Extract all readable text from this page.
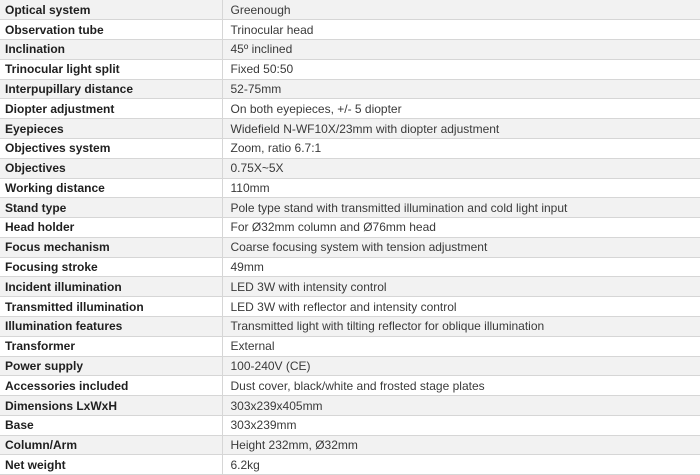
Optical system	Greenough
Observation tube	Trinocular head
Inclination	45º inclined
Trinocular light split	Fixed 50:50
Interpupillary distance	52-75mm
Diopter adjustment	On both eyepieces, +/- 5 diopter
Eyepieces	Widefield N-WF10X/23mm with diopter adjustment
Objectives system	Zoom, ratio 6.7:1
Objectives	0.75X~5X
Working distance	110mm
Stand type	Pole type stand with transmitted illumination and cold light input
Head holder	For Ø32mm column and Ø76mm head
Focus mechanism	Coarse focusing system with tension adjustment
Focusing stroke	49mm
Incident illumination	LED 3W with intensity control
Transmitted illumination	LED 3W with reflector and intensity control
Illumination features	Transmitted light with tilting reflector for oblique illumination
Transformer	External
Power supply	100-240V (CE)
Accessories included	Dust cover, black/white and frosted stage plates
Dimensions LxWxH	303x239x405mm
Base	303x239mm
Column/Arm	Height 232mm, Ø32mm
Net weight	6.2kg
